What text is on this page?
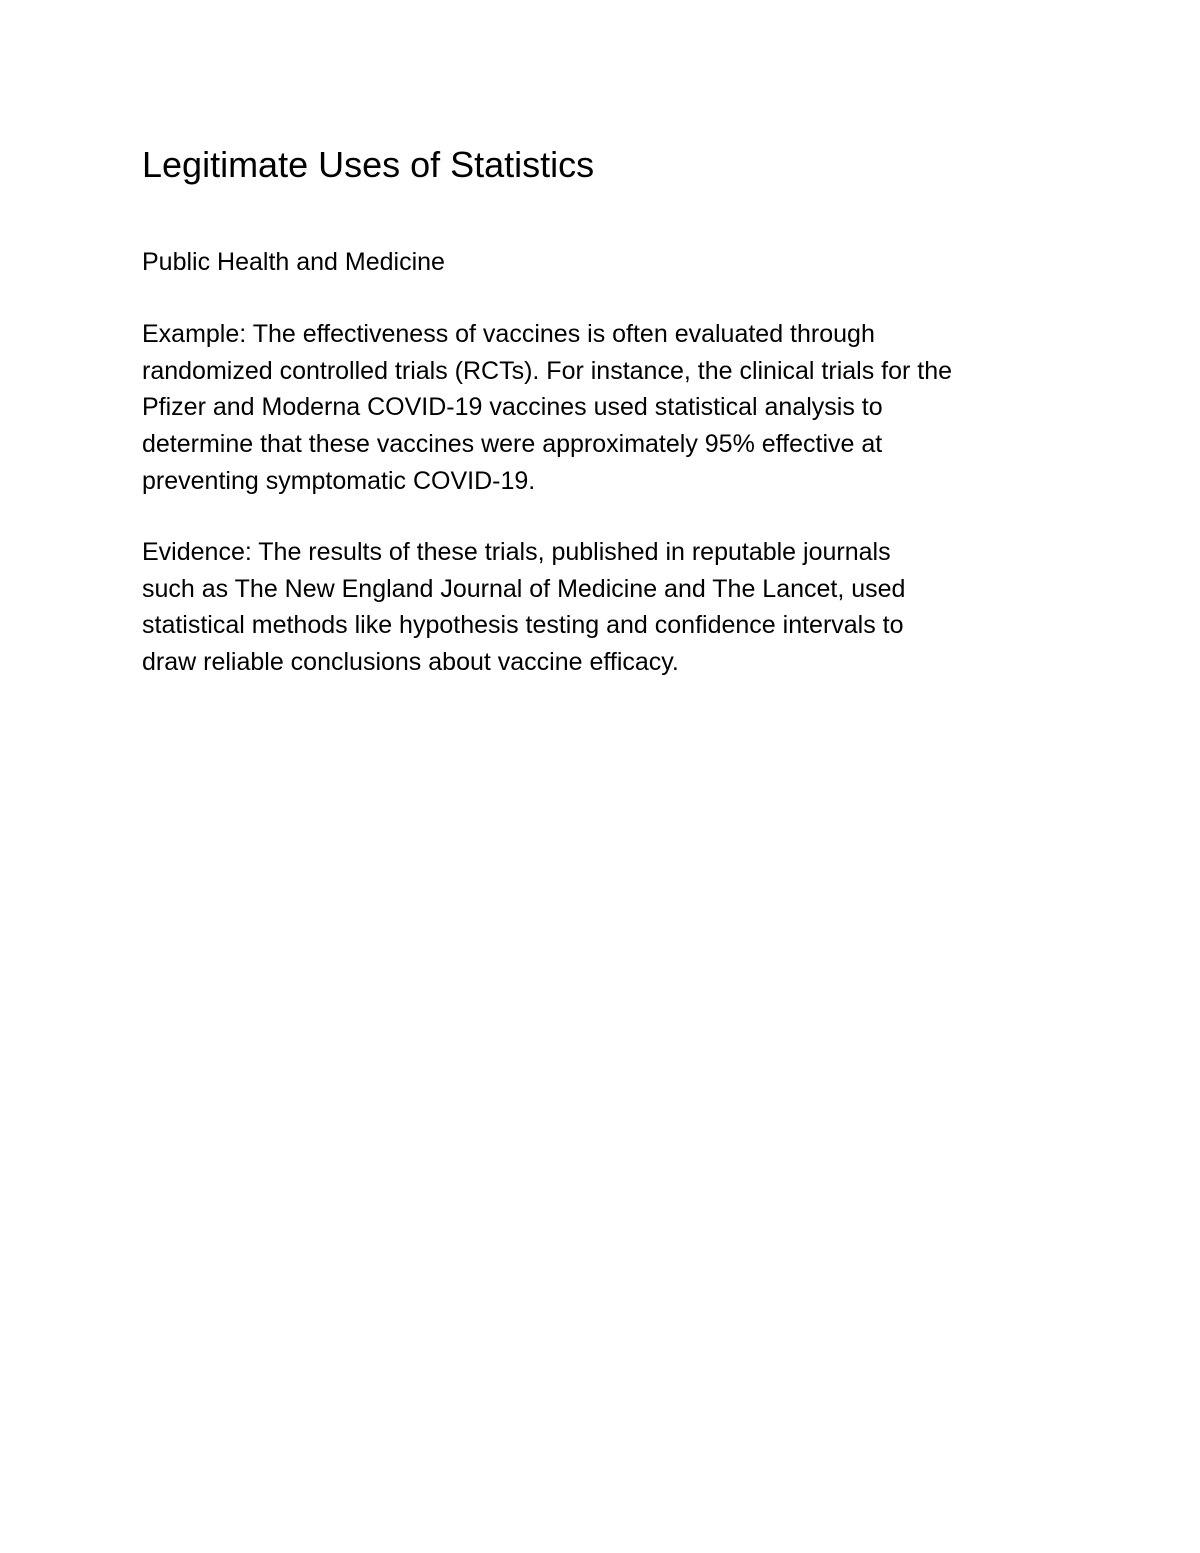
Legitimate Uses of Statistics
Public Health and Medicine
Example: The effectiveness of vaccines is often evaluated through
randomized controlled trials (RCTs). For instance, the clinical trials for the
Pfizer and Moderna COVID-19 vaccines used statistical analysis to
determine that these vaccines were approximately 95% effective at
preventing symptomatic COVID-19.
Evidence: The results of these trials, published in reputable journals
such as The New England Journal of Medicine and The Lancet, used
statistical methods like hypothesis testing and confidence intervals to
draw reliable conclusions about vaccine efficacy.
